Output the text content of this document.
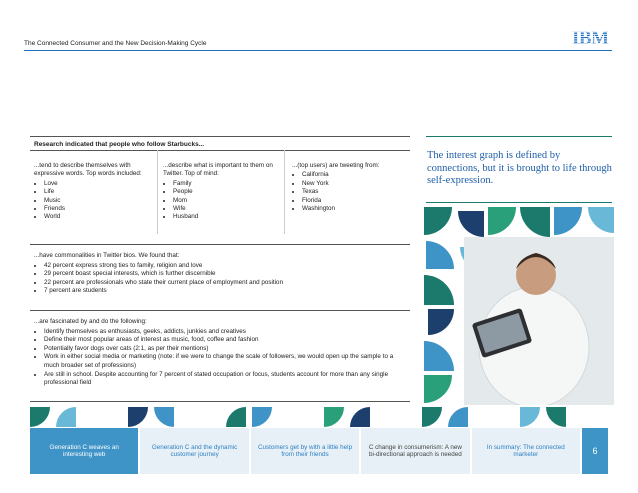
The Connected Consumer and the New Decision-Making Cycle	IBM
Research indicated that people who follow Starbucks...
...tend to describe themselves with expressive words. Top words included:
• Love
• Life
• Music
• Friends
• World
...describe what is important to them on Twitter. Top of mind:
• Family
• People
• Mom
• Wife
• Husband
...(top users) are tweeting from:
• California
• New York
• Texas
• Florida
• Washington
...have commonalities in Twitter bios. We found that:
• 42 percent express strong ties to family, religion and love
• 29 percent boast special interests, which is further discernible
• 22 percent are professionals who state their current place of employment and position
• 7 percent are students
...are fascinated by and do the following:
• Identify themselves as enthusiasts, geeks, addicts, junkies and creatives
• Define their most popular areas of interest as music, food, coffee and fashion
• Potentially favor dogs over cats (2:1, as per their mentions)
• Work in either social media or marketing (note: if we were to change the scale of followers, we would open up the sample to a much broader set of professions)
• Are still in school. Despite accounting for 7 percent of stated occupation or focus, students account for more than any single professional field
The interest graph is defined by connections, but it is brought to life through self-expression.
Generation C weaves an interesting web
Generation C and the dynamic customer journey
Customers get by with a little help from their friends
C change in consumerism: A new bi-directional approach is needed
In summary: The connected marketer	6
